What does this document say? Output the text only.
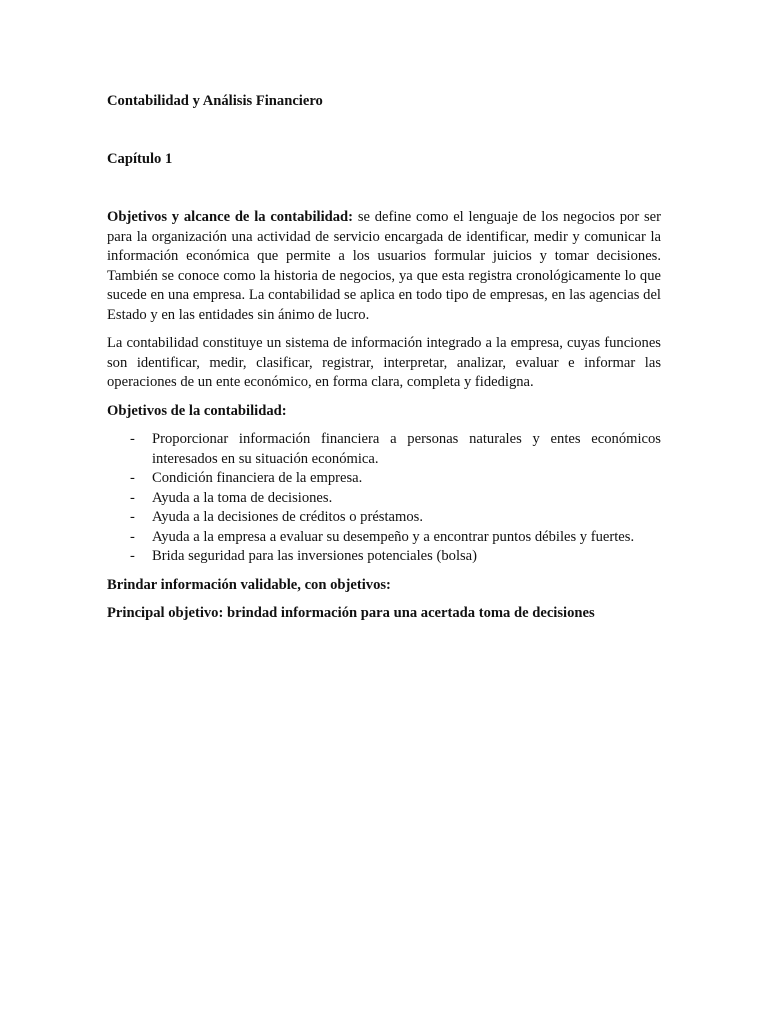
Contabilidad y Análisis Financiero

Capítulo 1

Objetivos y alcance de la contabilidad: se define como el lenguaje de los negocios por ser para la organización una actividad de servicio encargada de identificar, medir y comunicar la información económica que permite a los usuarios formular juicios y tomar decisiones. También se conoce como la historia de negocios, ya que esta registra cronológicamente lo que sucede en una empresa. La contabilidad se aplica en todo tipo de empresas, en las agencias del Estado y en las entidades sin ánimo de lucro.

La contabilidad constituye un sistema de información integrado a la empresa, cuyas funciones son identificar, medir, clasificar, registrar, interpretar, analizar, evaluar e informar las operaciones de un ente económico, en forma clara, completa y fidedigna.

Objetivos de la contabilidad:

- Proporcionar información financiera a personas naturales y entes económicos interesados en su situación económica.
- Condición financiera de la empresa.
- Ayuda a la toma de decisiones.
- Ayuda a la decisiones de créditos o préstamos.
- Ayuda a la empresa a evaluar su desempeño y a encontrar puntos débiles y fuertes.
- Brida seguridad para las inversiones potenciales (bolsa)

Brindar información validable, con objetivos:

Principal objetivo: brindad información para una acertada toma de decisiones
